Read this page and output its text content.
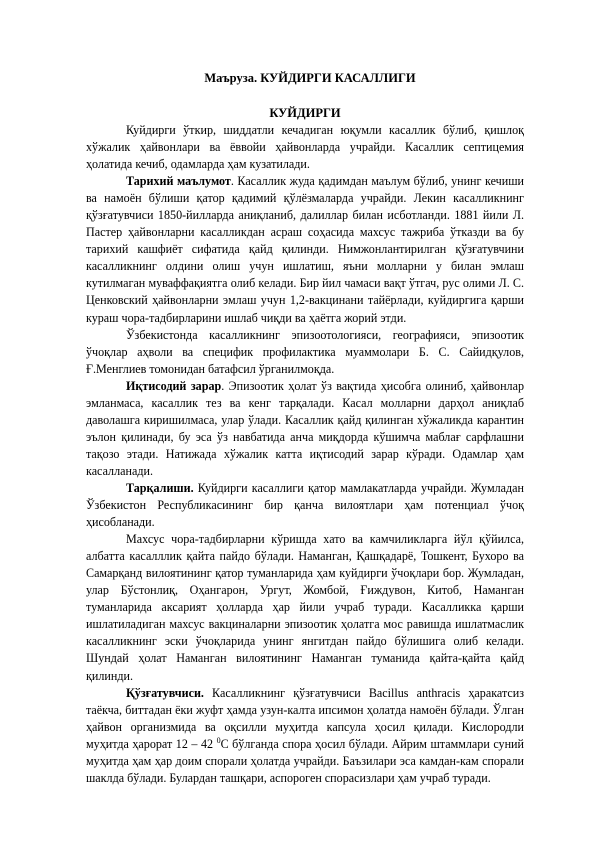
Маъруза. КУЙДИРГИ КАСАЛЛИГИ
КУЙДИРГИ

Куйдирги ўткир, шиддатли кечадиган юқумли касаллик бўлиб, қишлоқ хўжалик ҳайвонлари ва ёввойи ҳайвонларда учрайди. Касаллик септицемия ҳолатида кечиб, одамларда ҳам кузатилади.

Тарихий маълумот. Касаллик жуда қадимдан маълум бўлиб, унинг кечиши ва намоён бўлиши қатор қадимий қўлёзмаларда учрайди. Лекин касалликнинг қўзғатувчиси 1850-йилларда аниқланиб, далиллар билан исботланди. 1881 йили Л. Пастер ҳайвонларни касалликдан асраш соҳасида махсус тажриба ўтказди ва бу тарихий кашфиёт сифатида қайд қилинди. Нимжонлантирилган қўзғатувчини касалликнинг олдини олиш учун ишлатиш, яъни молларни у билан эмлаш кутилмаган муваффақиятга олиб келади. Бир йил чамаси вақт ўтгач, рус олими Л. С. Ценковский ҳайвонларни эмлаш учун 1,2-вакцинани тайёрлади, куйдиргига қарши кураш чора-тадбирларини ишлаб чиқди ва ҳаётга жорий этди.

Ўзбекистонда касалликнинг эпизоотологияси, географияси, эпизоотик ўчоқлар аҳволи ва специфик профилактика муаммолари Б. С. Сайидқулов, Ғ.Менглиев томонидан батафсил ўрганилмоқда.

Иқтисодий зарар. Эпизоотик ҳолат ўз вақтида ҳисобга олиниб, ҳайвонлар эмланмаса, касаллик тез ва кенг тарқалади. Касал молларни дарҳол аниқлаб даволашга киришилмаса, улар ўлади. Касаллик қайд қилинган хўжаликда карантин эълон қилинади, бу эса ўз навбатида анча миқдорда кўшимча маблағ сарфлашни тақозо этади. Натижада хўжалик катта иқтисодий зарар кўради. Одамлар ҳам касалланади.

Тарқалиши. Куйдирги касаллиги қатор мамлакатларда учрайди. Жумладан Ўзбекистон Республикасининг бир қанча вилоятлари ҳам потенциал ўчоқ ҳисобланади.

Махсус чора-тадбирларни кўришда хато ва камчиликларга йўл қўйилса, албатта касалллик қайта пайдо бўлади. Наманган, Қашқадарё, Тошкент, Бухоро ва Самарқанд вилоятининг қатор туманларида ҳам куйдирги ўчоқлари бор. Жумладан, улар Бўстонлиқ, Оҳангарон, Ургут, Жомбой, Ғиждувон, Китоб, Наманган туманларида аксарият ҳолларда ҳар йили учраб туради. Касалликка қарши ишлатиладиган махсус вакциналарни эпизоотик ҳолатга мос равишда ишлатмаслик касалликнинг эски ўчоқларида унинг янгитдан пайдо бўлишига олиб келади. Шундай ҳолат Наманган вилоятининг Наманган туманида қайта-қайта қайд қилинди.

Қўзғатувчиси. Касалликнинг қўзғатувчиси Bacillus anthracis ҳаракатсиз таёкча, биттадан ёки жуфт ҳамда узун-калта ипсимон ҳолатда намоён бўлади. Ўлган ҳайвон организмида ва оқсилли муҳитда капсула ҳосил қилади. Кислородли муҳитда ҳарорат 12 – 42 $^0$С бўлганда спора ҳосил бўлади. Айрим штаммлари суний муҳитда ҳам ҳар доим спорали ҳолатда учрайди. Баъзилари эса камдан-кам спорали шаклда бўлади. Булардан ташқари, аспороген спорасизлари ҳам учраб туради.
